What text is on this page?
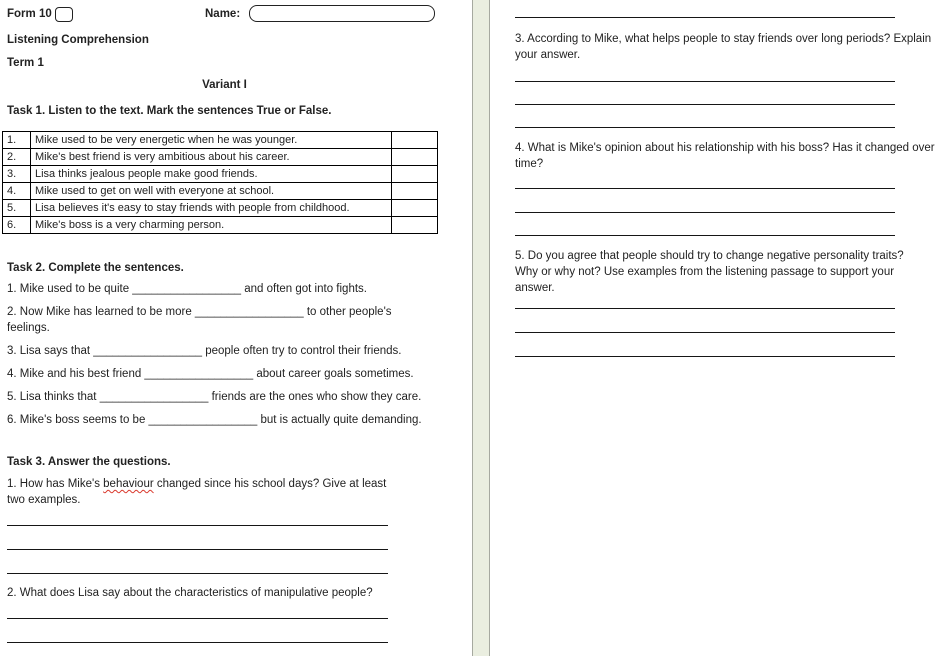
Form 10	Name:
Listening Comprehension
Term 1
Variant I
Task 1. Listen to the text. Mark the sentences True or False.
1.	Mike used to be very energetic when he was younger.	
2.	Mike's best friend is very ambitious about his career.	
3.	Lisa thinks jealous people make good friends.	
4.	Mike used to get on well with everyone at school.	
5.	Lisa believes it's easy to stay friends with people from childhood.	
6.	Mike's boss is a very charming person.	
Task 2. Complete the sentences.
1. Mike used to be quite _________________ and often got into fights.
2. Now Mike has learned to be more _________________ to other people's feelings.
3. Lisa says that _________________ people often try to control their friends.
4. Mike and his best friend _________________ about career goals sometimes.
5. Lisa thinks that _________________ friends are the ones who show they care.
6. Mike's boss seems to be _________________ but is actually quite demanding.
Task 3. Answer the questions.
1. How has Mike's behaviour changed since his school days? Give at least two examples.
2. What does Lisa say about the characteristics of manipulative people?
3. According to Mike, what helps people to stay friends over long periods? Explain your answer.
4. What is Mike's opinion about his relationship with his boss? Has it changed over time?
5. Do you agree that people should try to change negative personality traits? Why or why not? Use examples from the listening passage to support your answer.
